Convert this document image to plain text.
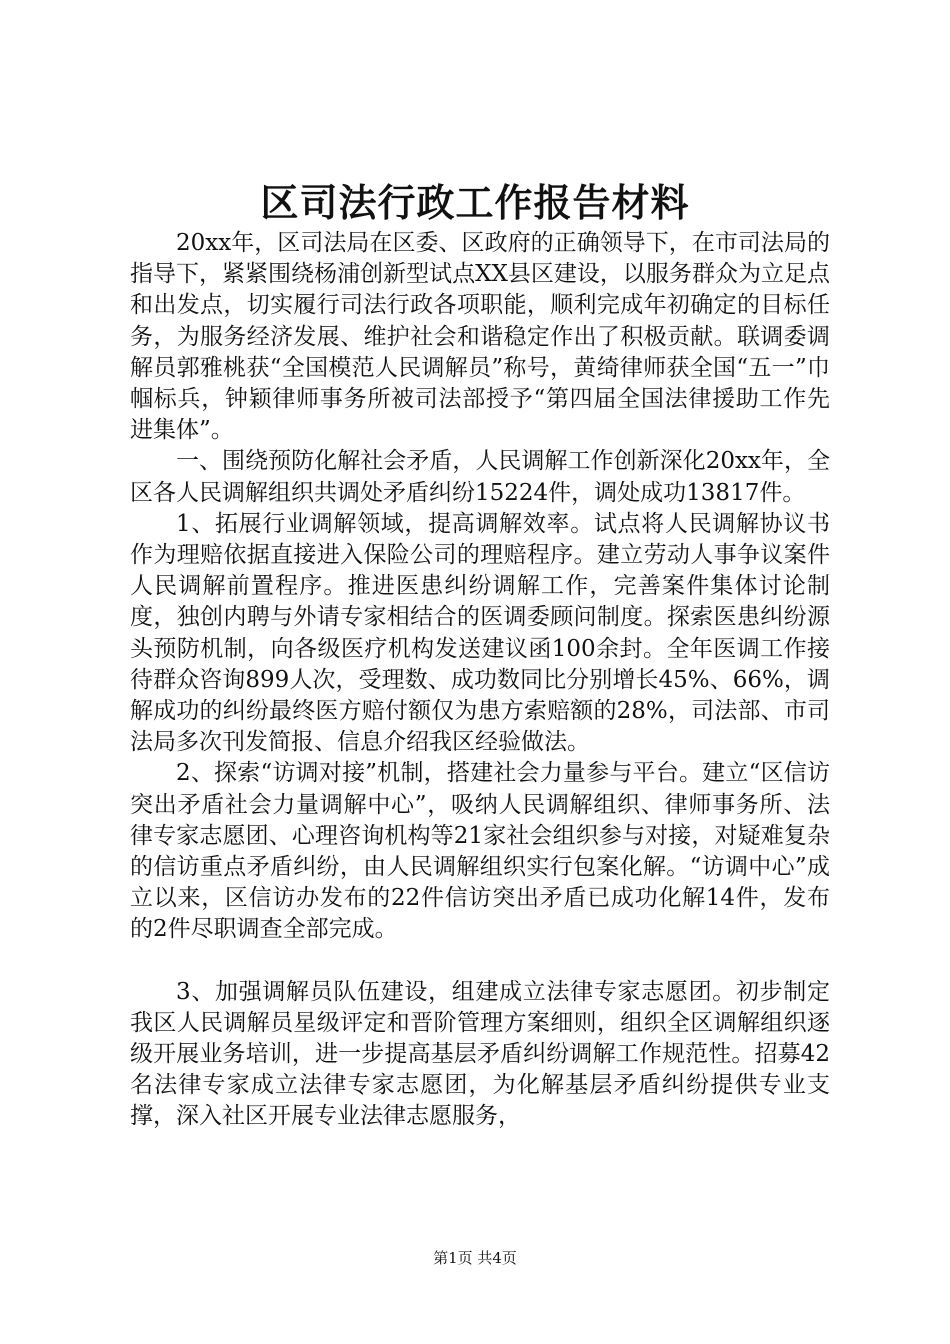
区司法行政工作报告材料

20xx年，区司法局在区委、区政府的正确领导下，在市司法局的指导下，紧紧围绕杨浦创新型试点XX县区建设，以服务群众为立足点和出发点，切实履行司法行政各项职能，顺利完成年初确定的目标任务，为服务经济发展、维护社会和谐稳定作出了积极贡献。联调委调解员郭雅桃获“全国模范人民调解员”称号，黄绮律师获全国“五一”巾帼标兵，钟颖律师事务所被司法部授予“第四届全国法律援助工作先进集体”。

一、围绕预防化解社会矛盾，人民调解工作创新深化20xx年，全区各人民调解组织共调处矛盾纠纷15224件，调处成功13817件。

1、拓展行业调解领域，提高调解效率。试点将人民调解协议书作为理赔依据直接进入保险公司的理赔程序。建立劳动人事争议案件人民调解前置程序。推进医患纠纷调解工作，完善案件集体讨论制度，独创内聘与外请专家相结合的医调委顾问制度。探索医患纠纷源头预防机制，向各级医疗机构发送建议函100余封。全年医调工作接待群众咨询899人次，受理数、成功数同比分别增长45%、66%，调解成功的纠纷最终医方赔付额仅为患方索赔额的28%，司法部、市司法局多次刊发简报、信息介绍我区经验做法。

2、探索“访调对接”机制，搭建社会力量参与平台。建立“区信访突出矛盾社会力量调解中心”，吸纳人民调解组织、律师事务所、法律专家志愿团、心理咨询机构等21家社会组织参与对接，对疑难复杂的信访重点矛盾纠纷，由人民调解组织实行包案化解。“访调中心”成立以来，区信访办发布的22件信访突出矛盾已成功化解14件，发布的2件尽职调查全部完成。

3、加强调解员队伍建设，组建成立法律专家志愿团。初步制定我区人民调解员星级评定和晋阶管理方案细则，组织全区调解组织逐级开展业务培训，进一步提高基层矛盾纠纷调解工作规范性。招募42名法律专家成立法律专家志愿团，为化解基层矛盾纠纷提供专业支撑，深入社区开展专业法律志愿服务，

第1页 共4页
